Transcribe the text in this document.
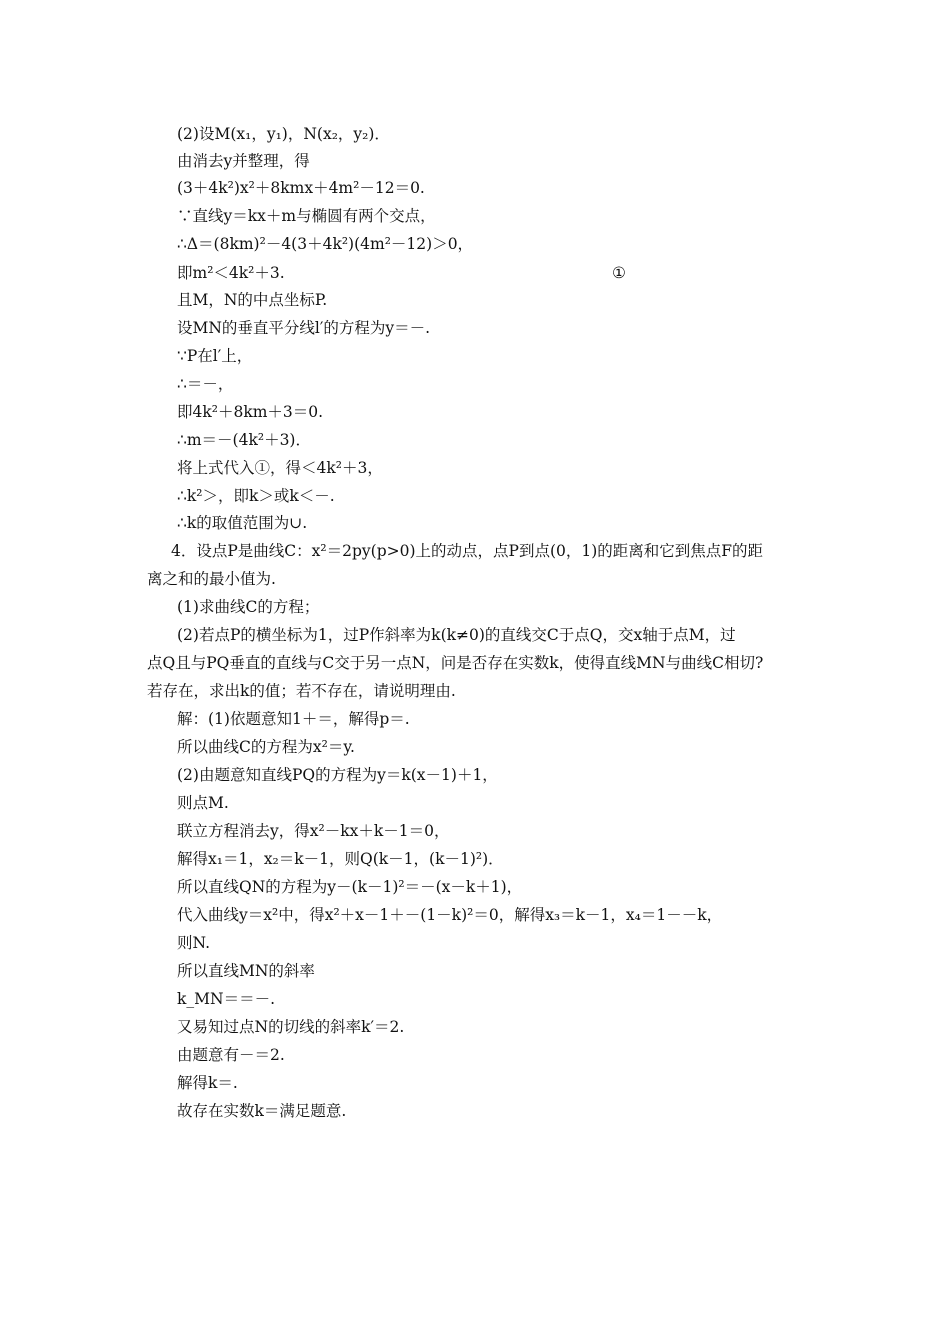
(2)设M(x₁，y₁)，N(x₂，y₂)．
由消去y并整理，得
(3＋4k²)x²＋8kmx＋4m²－12＝0.
∵直线y＝kx＋m与椭圆有两个交点，
∴Δ＝(8km)²－4(3＋4k²)(4m²－12)＞0，
即m²＜4k²＋3.	①
且M，N的中点坐标P.
设MN的垂直平分线l′的方程为y＝－.
∵P在l′上，
∴＝－，
即4k²＋8km＋3＝0.
∴m＝－(4k²＋3)．
将上式代入①，得＜4k²＋3，
∴k²＞，即k＞或k＜－.
∴k的取值范围为∪.
4．设点P是曲线C：x²＝2py(p>0)上的动点，点P到点(0，1)的距离和它到焦点F的距
离之和的最小值为.
(1)求曲线C的方程；
(2)若点P的横坐标为1，过P作斜率为k(k≠0)的直线交C于点Q，交x轴于点M，过
点Q且与PQ垂直的直线与C交于另一点N，问是否存在实数k，使得直线MN与曲线C相切?
若存在，求出k的值；若不存在，请说明理由.
解：(1)依题意知1＋＝，解得p＝.
所以曲线C的方程为x²＝y.
(2)由题意知直线PQ的方程为y＝k(x－1)＋1，
则点M.
联立方程消去y，得x²－kx＋k－1＝0，
解得x₁＝1，x₂＝k－1，则Q(k－1，(k－1)²)．
所以直线QN的方程为y－(k－1)²＝－(x－k＋1)，
代入曲线y＝x²中，得x²＋x－1＋－(1－k)²＝0，解得x₃＝k－1，x₄＝1－－k，
则N.
所以直线MN的斜率
k_MN＝＝－.
又易知过点N的切线的斜率k′＝2.
由题意有－＝2.
解得k＝.
故存在实数k＝满足题意.
